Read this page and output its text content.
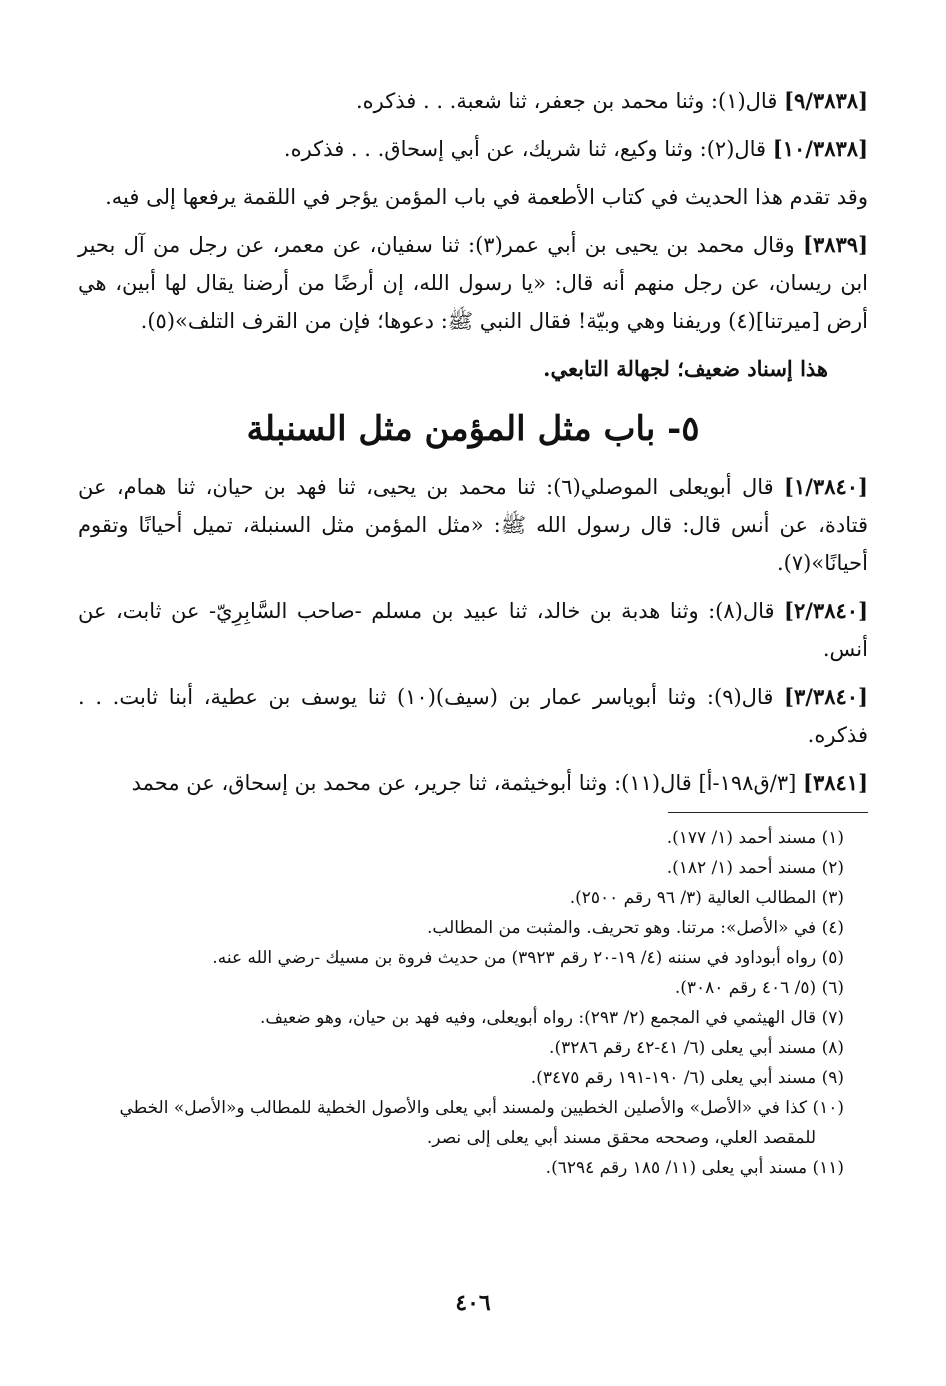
[٩/٣٨٣٨] قال(١): وثنا محمد بن جعفر، ثنا شعبة. . . فذكره.

[١٠/٣٨٣٨] قال(٢): وثنا وكيع، ثنا شريك، عن أبي إسحاق. . . فذكره.

وقد تقدم هذا الحديث في كتاب الأطعمة في باب المؤمن يؤجر في اللقمة يرفعها إلى فيه.

[٣٨٣٩] وقال محمد بن يحيى بن أبي عمر(٣): ثنا سفيان، عن معمر، عن رجل من آل بحير ابن ريسان، عن رجل منهم أنه قال: «يا رسول الله، إن أرضًا من أرضنا يقال لها أبين، هي أرض [ميرتنا](٤) وريفنا وهي وبيّة! فقال النبي ﷺ: دعوها؛ فإن من القرف التلف»(٥).

هذا إسناد ضعيف؛ لجهالة التابعي.

٥- باب مثل المؤمن مثل السنبلة

[١/٣٨٤٠] قال أبويعلى الموصلي(٦): ثنا محمد بن يحيى، ثنا فهد بن حيان، ثنا همام، عن قتادة، عن أنس قال: قال رسول الله ﷺ: «مثل المؤمن مثل السنبلة، تميل أحيانًا وتقوم أحيانًا»(٧).

[٢/٣٨٤٠] قال(٨): وثنا هدبة بن خالد، ثنا عبيد بن مسلم -صاحب السَّابِرِيّ- عن ثابت، عن أنس.

[٣/٣٨٤٠] قال(٩): وثنا أبوياسر عمار بن (سيف)(١٠) ثنا يوسف بن عطية، أبنا ثابت. . . فذكره.

[٣٨٤١] [٣/ق١٩٨-أ] قال(١١): وثنا أبوخيثمة، ثنا جرير، عن محمد بن إسحاق، عن محمد

(١) مسند أحمد (١/ ١٧٧).

(٢) مسند أحمد (١/ ١٨٢).

(٣) المطالب العالية (٣/ ٩٦ رقم ٢٥٠٠).

(٤) في «الأصل»: مرتنا. وهو تحريف. والمثبت من المطالب.

(٥) رواه أبوداود في سننه (٤/ ١٩-٢٠ رقم ٣٩٢٣) من حديث فروة بن مسيك -رضي الله عنه.

(٦) (٥/ ٤٠٦ رقم ٣٠٨٠).

(٧) قال الهيثمي في المجمع (٢/ ٢٩٣): رواه أبويعلى، وفيه فهد بن حيان، وهو ضعيف.

(٨) مسند أبي يعلى (٦/ ٤١-٤٢ رقم ٣٢٨٦).

(٩) مسند أبي يعلى (٦/ ١٩٠-١٩١ رقم ٣٤٧٥).

(١٠) كذا في «الأصل» والأصلين الخطيين ولمسند أبي يعلى والأصول الخطية للمطالب و«الأصل» الخطي

للمقصد العلي، وصححه محقق مسند أبي يعلى إلى نصر.

(١١) مسند أبي يعلى (١١/ ١٨٥ رقم ٦٢٩٤).

٤٠٦
